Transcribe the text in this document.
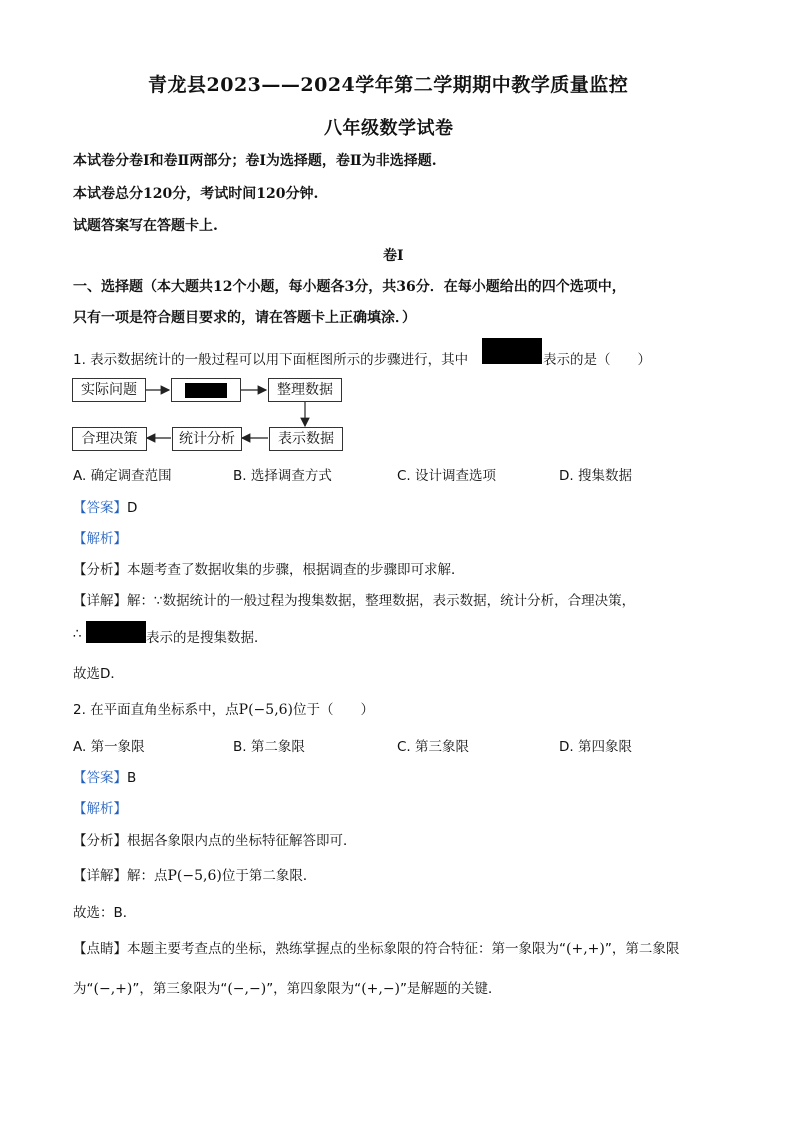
青龙县2023——2024学年第二学期期中教学质量监控
八年级数学试卷
本试卷分卷Ⅰ和卷Ⅱ两部分；卷Ⅰ为选择题，卷Ⅱ为非选择题.
本试卷总分120分，考试时间120分钟.
试题答案写在答题卡上.
卷Ⅰ
一、选择题（本大题共12个小题，每小题各3分，共36分．在每小题给出的四个选项中，
只有一项是符合题目要求的，请在答题卡上正确填涂．）
1. 表示数据统计的一般过程可以用下面框图所示的步骤进行，其中	表示的是（　　）
实际问题	整理数据
表示数据
统计分析
合理决策
A. 确定调查范围	B. 选择调查方式	C. 设计调查选项	D. 搜集数据
【答案】D
【解析】
【分析】本题考查了数据收集的步骤，根据调查的步骤即可求解．
【详解】解：∵数据统计的一般过程为搜集数据，整理数据，表示数据，统计分析，合理决策，
∴	表示的是搜集数据．
故选D．
2. 在平面直角坐标系中，点P(−5,6)位于（　　）
A. 第一象限	B. 第二象限	C. 第三象限	D. 第四象限
【答案】B
【解析】
【分析】根据各象限内点的坐标特征解答即可．
【详解】解：点P(−5,6)位于第二象限．
故选：B．
【点睛】本题主要考查点的坐标，熟练掌握点的坐标象限的符合特征：第一象限为“(+,+)”，第二象限
为“(−,+)”，第三象限为“(−,−)”，第四象限为“(+,−)”是解题的关键．
